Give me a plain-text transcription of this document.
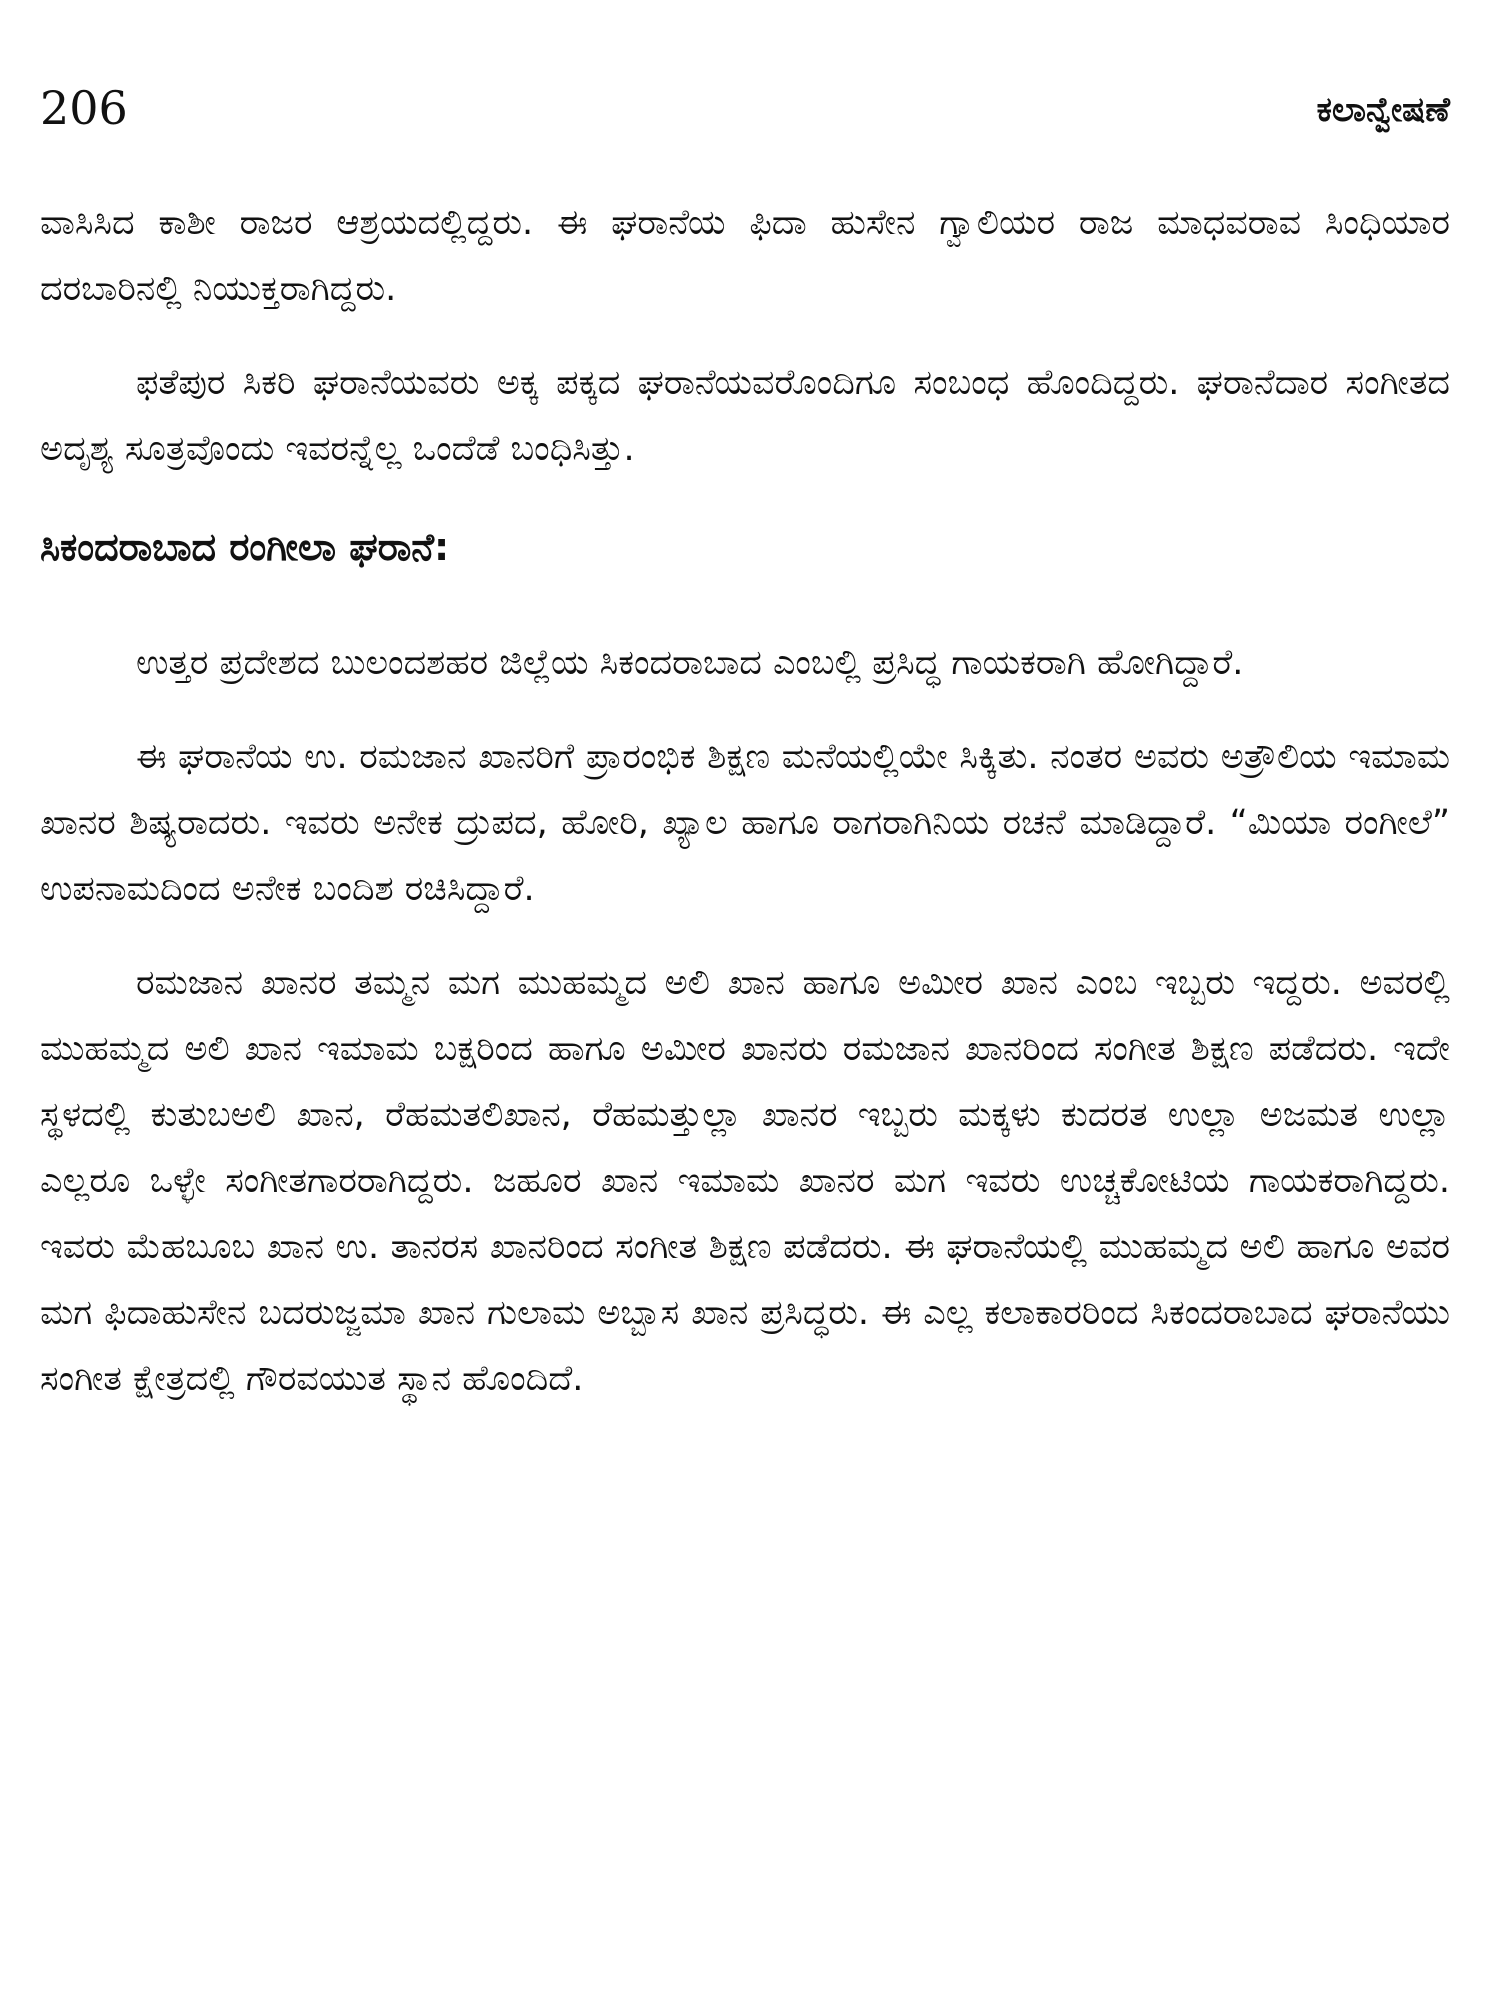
206	ಕಲಾನ್ವೇಷಣೆ

ವಾಸಿಸಿದ ಕಾಶೀ ರಾಜರ ಆಶ್ರಯದಲ್ಲಿದ್ದರು. ಈ ಘರಾನೆಯ ಫಿದಾ ಹುಸೇನ ಗ್ವಾಲಿಯರ ರಾಜ ಮಾಧವರಾವ ಸಿಂಧಿಯಾರ ದರಬಾರಿನಲ್ಲಿ ನಿಯುಕ್ತರಾಗಿದ್ದರು.

ಫತೆಪುರ ಸಿಕರಿ ಘರಾನೆಯವರು ಅಕ್ಕ ಪಕ್ಕದ ಘರಾನೆಯವರೊಂದಿಗೂ ಸಂಬಂಧ ಹೊಂದಿದ್ದರು. ಘರಾನೆದಾರ ಸಂಗೀತದ ಅದೃಶ್ಯ ಸೂತ್ರವೊಂದು ಇವರನ್ನೆಲ್ಲ ಒಂದೆಡೆ ಬಂಧಿಸಿತ್ತು.

ಸಿಕಂದರಾಬಾದ ರಂಗೀಲಾ ಘರಾನೆ:

ಉತ್ತರ ಪ್ರದೇಶದ ಬುಲಂದಶಹರ ಜಿಲ್ಲೆಯ ಸಿಕಂದರಾಬಾದ ಎಂಬಲ್ಲಿ ಪ್ರಸಿದ್ಧ ಗಾಯಕರಾಗಿ ಹೋಗಿದ್ದಾರೆ.

ಈ ಘರಾನೆಯ ಉ. ರಮಜಾನ ಖಾನರಿಗೆ ಪ್ರಾರಂಭಿಕ ಶಿಕ್ಷಣ ಮನೆಯಲ್ಲಿಯೇ ಸಿಕ್ಕಿತು. ನಂತರ ಅವರು ಅತ್ರೌಲಿಯ ಇಮಾಮ ಖಾನರ ಶಿಷ್ಯರಾದರು. ಇವರು ಅನೇಕ ದ್ರುಪದ, ಹೋರಿ, ಖ್ಯಾಲ ಹಾಗೂ ರಾಗರಾಗಿನಿಯ ರಚನೆ ಮಾಡಿದ್ದಾರೆ. “ಮಿಯಾ ರಂಗೀಲೆ” ಉಪನಾಮದಿಂದ ಅನೇಕ ಬಂದಿಶ ರಚಿಸಿದ್ದಾರೆ.

ರಮಜಾನ ಖಾನರ ತಮ್ಮನ ಮಗ ಮುಹಮ್ಮದ ಅಲಿ ಖಾನ ಹಾಗೂ ಅಮೀರ ಖಾನ ಎಂಬ ಇಬ್ಬರು ಇದ್ದರು. ಅವರಲ್ಲಿ ಮುಹಮ್ಮದ ಅಲಿ ಖಾನ ಇಮಾಮ ಬಕ್ಷರಿಂದ ಹಾಗೂ ಅಮೀರ ಖಾನರು ರಮಜಾನ ಖಾನರಿಂದ ಸಂಗೀತ ಶಿಕ್ಷಣ ಪಡೆದರು. ಇದೇ ಸ್ಥಳದಲ್ಲಿ ಕುತುಬಅಲಿ ಖಾನ, ರೆಹಮತಲಿಖಾನ, ರೆಹಮತ್ತುಲ್ಲಾ ಖಾನರ ಇಬ್ಬರು ಮಕ್ಕಳು ಕುದರತ ಉಲ್ಲಾ ಅಜಮತ ಉಲ್ಲಾ ಎಲ್ಲರೂ ಒಳ್ಳೇ ಸಂಗೀತಗಾರರಾಗಿದ್ದರು. ಜಹೂರ ಖಾನ ಇಮಾಮ ಖಾನರ ಮಗ ಇವರು ಉಚ್ಚಕೋಟಿಯ ಗಾಯಕರಾಗಿದ್ದರು. ಇವರು ಮೆಹಬೂಬ ಖಾನ ಉ. ತಾನರಸ ಖಾನರಿಂದ ಸಂಗೀತ ಶಿಕ್ಷಣ ಪಡೆದರು. ಈ ಘರಾನೆಯಲ್ಲಿ ಮುಹಮ್ಮದ ಅಲಿ ಹಾಗೂ ಅವರ ಮಗ ಫಿದಾಹುಸೇನ ಬದರುಜ್ಜಮಾ ಖಾನ ಗುಲಾಮ ಅಬ್ಬಾಸ ಖಾನ ಪ್ರಸಿದ್ಧರು. ಈ ಎಲ್ಲ ಕಲಾಕಾರರಿಂದ ಸಿಕಂದರಾಬಾದ ಘರಾನೆಯು ಸಂಗೀತ ಕ್ಷೇತ್ರದಲ್ಲಿ ಗೌರವಯುತ ಸ್ಥಾನ ಹೊಂದಿದೆ.
